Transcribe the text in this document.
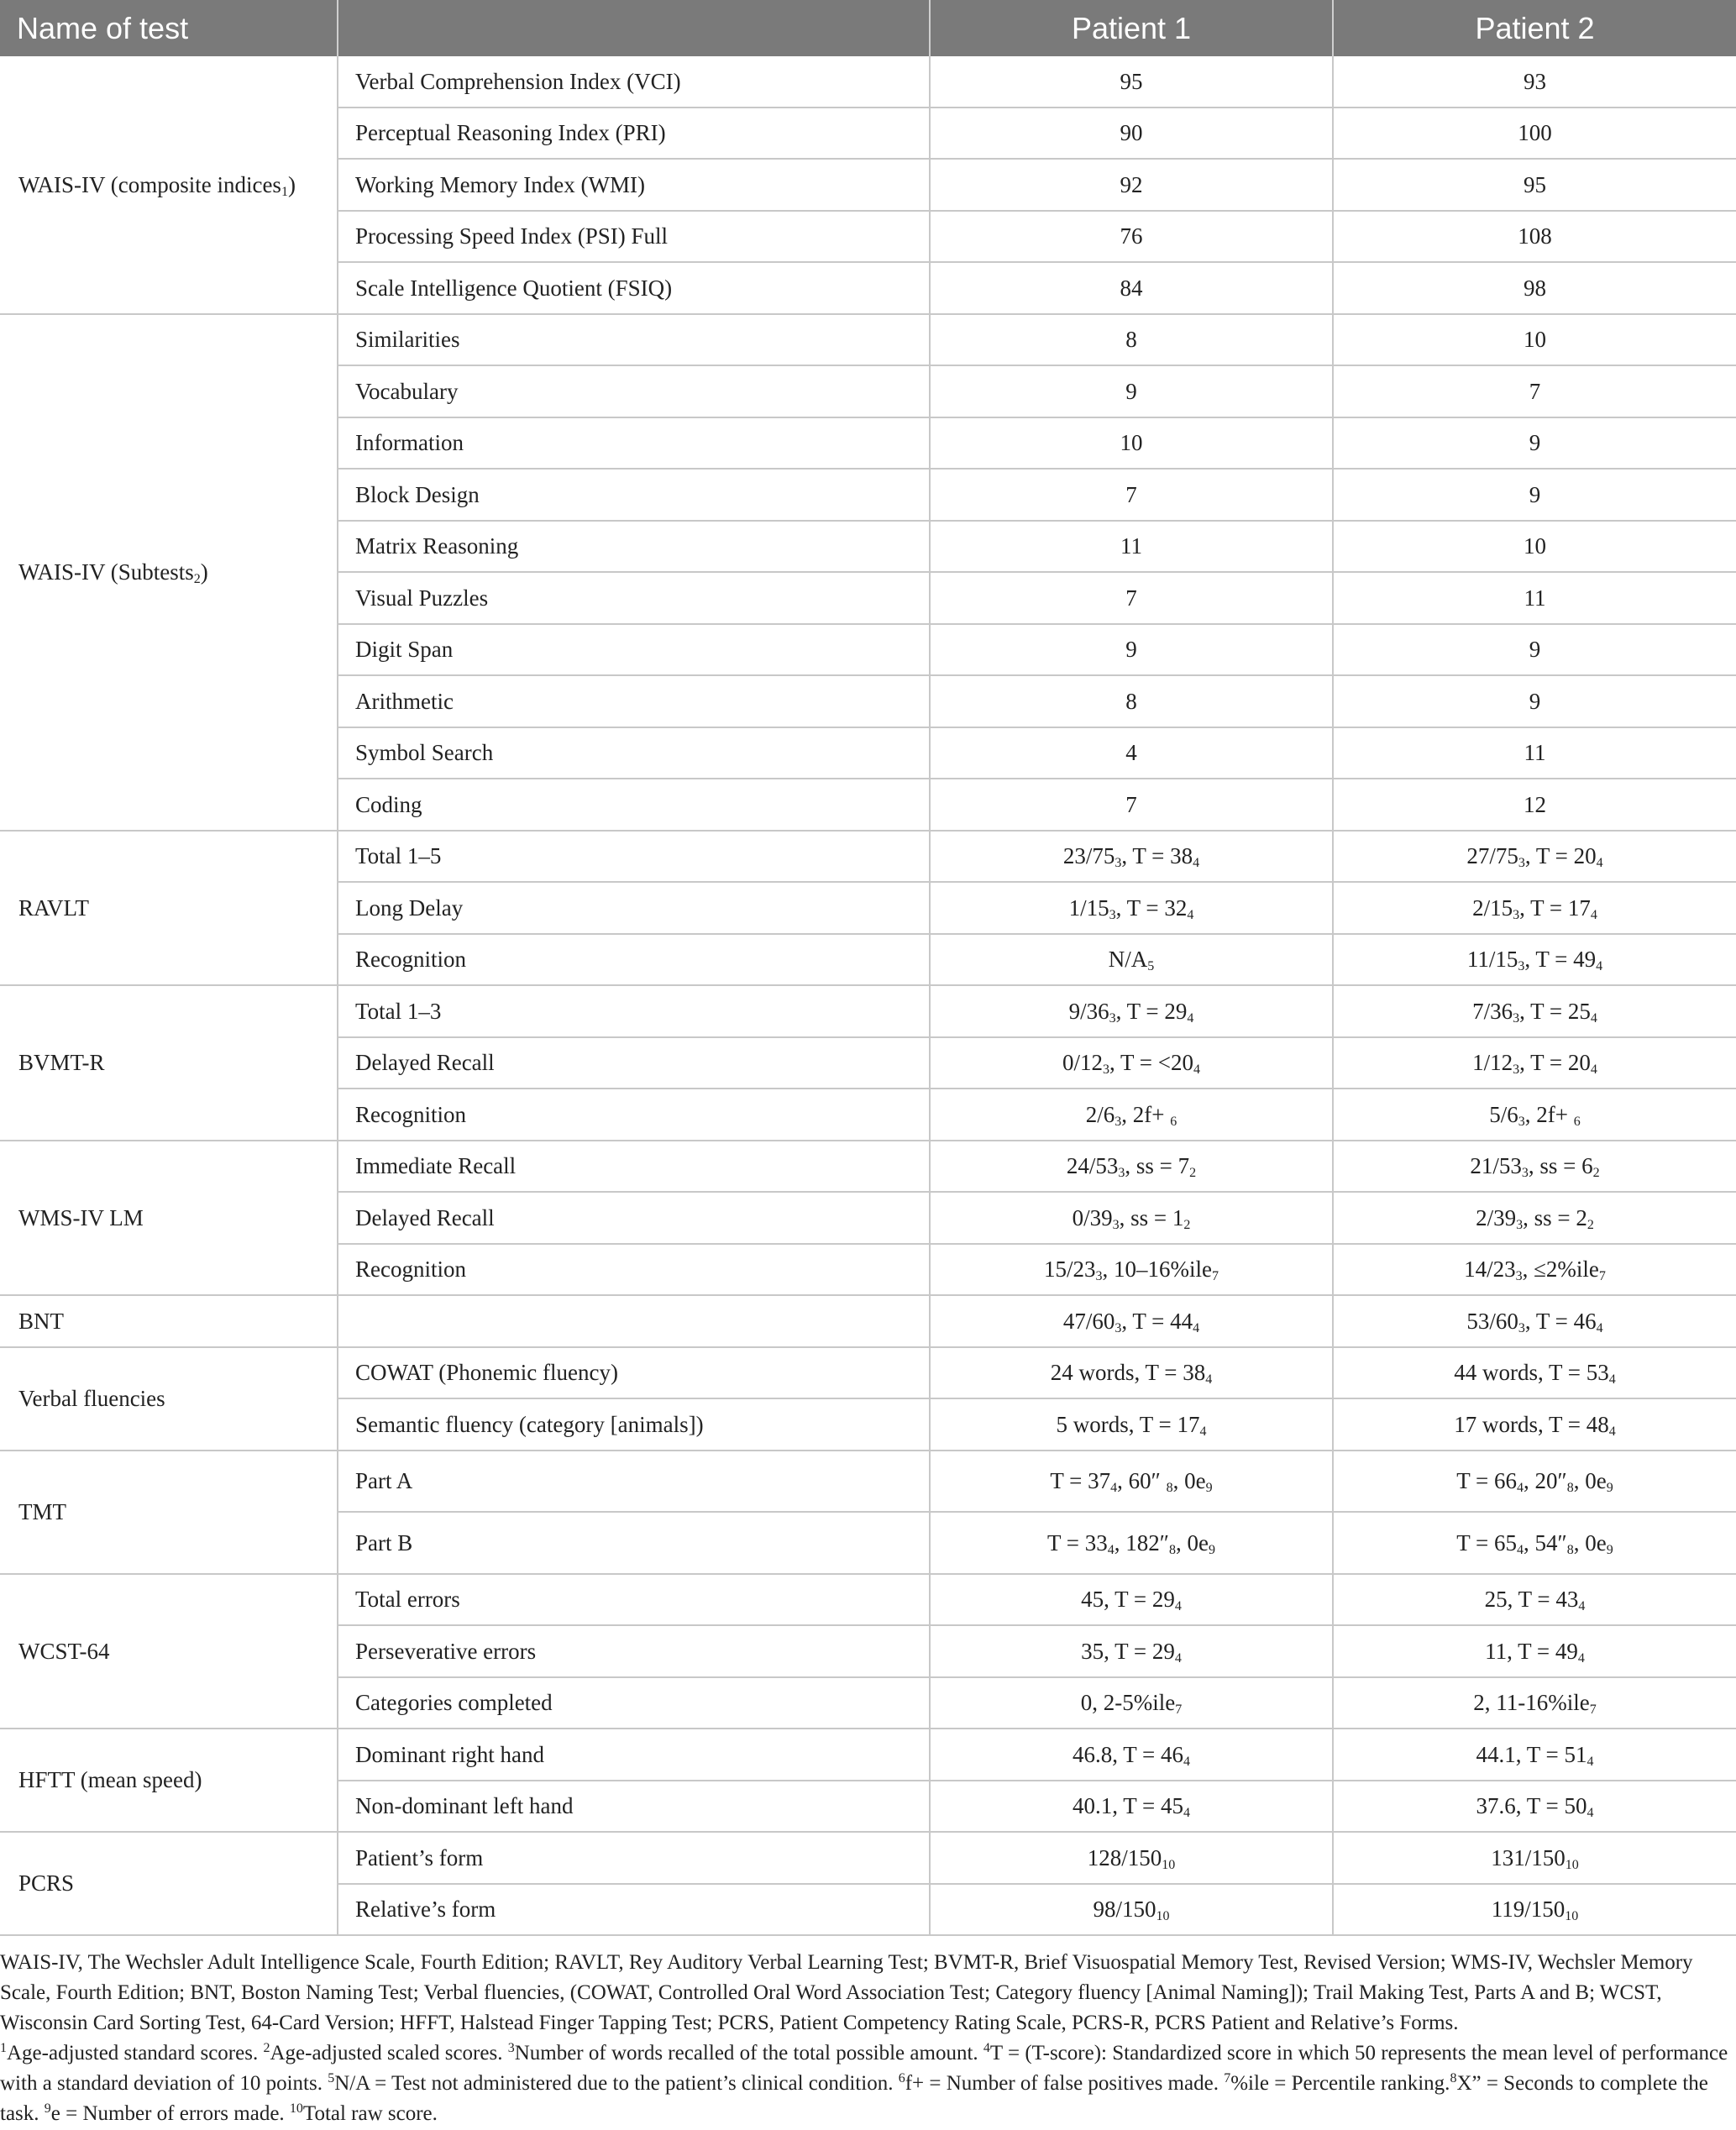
Name of test		Patient 1	Patient 2
WAIS-IV (composite indices$_1$)	Verbal Comprehension Index (VCI)	95	93
	Perceptual Reasoning Index (PRI)	90	100
	Working Memory Index (WMI)	92	95
	Processing Speed Index (PSI) Full	76	108
	Scale Intelligence Quotient (FSIQ)	84	98
WAIS-IV (Subtests$_2$)	Similarities	8	10
	Vocabulary	9	7
	Information	10	9
	Block Design	7	9
	Matrix Reasoning	11	10
	Visual Puzzles	7	11
	Digit Span	9	9
	Arithmetic	8	9
	Symbol Search	4	11
	Coding	7	12
RAVLT	Total 1–5	$23/75_3$, $T = 38_4$	$27/75_3$, $T = 20_4$
	Long Delay	$1/15_3$, $T = 32_4$	$2/15_3$, $T = 17_4$
	Recognition	$N/A_5$	$11/15_3$, $T = 49_4$
BVMT-R	Total 1–3	$9/36_3$, $T = 29_4$	$7/36_3$, $T = 25_4$
	Delayed Recall	$0/12_3$, $T = <20_4$	$1/12_3$, $T = 20_4$
	Recognition	$2/6_3$, 2f+ $_6$	$5/6_3$, 2f+ $_6$
WMS-IV LM	Immediate Recall	$24/53_3$, ss = $7_2$	$21/53_3$, ss = $6_2$
	Delayed Recall	$0/39_3$, ss = $1_2$	$2/39_3$, ss = $2_2$
	Recognition	$15/23_3$, 10–16%ile$_7$	$14/23_3$, ≤2%ile$_7$
BNT		$47/60_3$, $T = 44_4$	$53/60_3$, $T = 46_4$
Verbal fluencies	COWAT (Phonemic fluency)	24 words, $T = 38_4$	44 words, $T = 53_4$
	Semantic fluency (category [animals])	5 words, $T = 17_4$	17 words, $T = 48_4$
TMT	Part A	$T = 37_4$, 60″ $_8$, $0e_9$	$T = 66_4$, $20''_8$, $0e_9$
	Part B	$T = 33_4$, $182''_8$, $0e_9$	$T = 65_4$, $54''_8$, $0e_9$
WCST-64	Total errors	45, $T = 29_4$	25, $T = 43_4$
	Perseverative errors	35, $T = 29_4$	11, $T = 49_4$
	Categories completed	0, 2-5%ile$_7$	2, 11-16%ile$_7$
HFTT (mean speed)	Dominant right hand	46.8, $T = 46_4$	44.1, $T = 51_4$
	Non-dominant left hand	40.1, $T = 45_4$	37.6, $T = 50_4$
PCRS	Patient’s form	$128/150_{10}$	$131/150_{10}$
	Relative’s form	$98/150_{10}$	$119/150_{10}$

WAIS-IV, The Wechsler Adult Intelligence Scale, Fourth Edition; RAVLT, Rey Auditory Verbal Learning Test; BVMT-R, Brief Visuospatial Memory Test, Revised Version; WMS-IV, Wechsler Memory Scale, Fourth Edition; BNT, Boston Naming Test; Verbal fluencies, (COWAT, Controlled Oral Word Association Test; Category fluency [Animal Naming]); Trail Making Test, Parts A and B; WCST, Wisconsin Card Sorting Test, 64-Card Version; HFFT, Halstead Finger Tapping Test; PCRS, Patient Competency Rating Scale, PCRS-R, PCRS Patient and Relative’s Forms.

$^1$Age-adjusted standard scores. $^2$Age-adjusted scaled scores. $^3$Number of words recalled of the total possible amount. $^4$T = (T-score): Standardized score in which 50 represents the mean level of performance with a standard deviation of 10 points. $^5$N/A = Test not administered due to the patient’s clinical condition. $^6$f+ = Number of false positives made. $^7$%ile = Percentile ranking.$^8$X” = Seconds to complete the task. $^9$e = Number of errors made. $^{10}$Total raw score.
